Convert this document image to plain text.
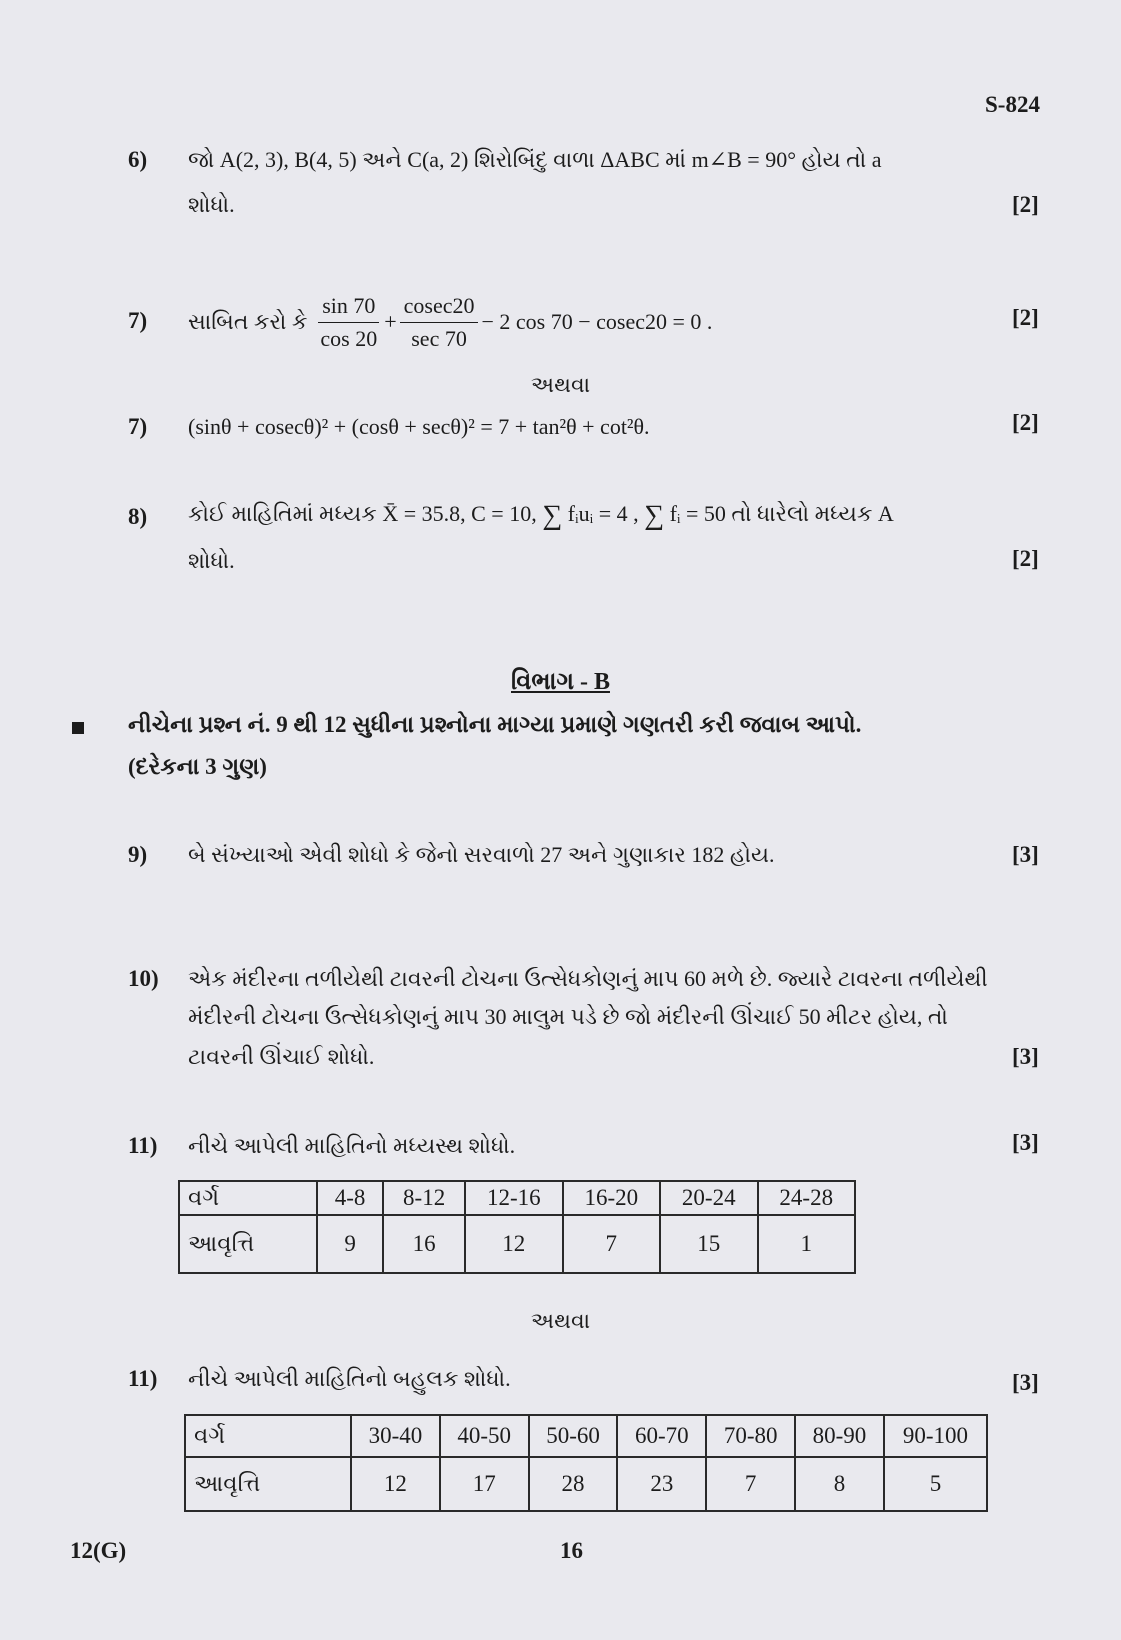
S-824
6) જો A(2, 3), B(4, 5) અને C(a, 2) શિરોબિંદુ વાળા ΔABC માં m∠B = 90° હોય તો a
શોધો.	[2]
7) સાબિત કરો કે $\frac{\sin 70}{\cos 20} + \frac{cosec20}{\sec 70} - 2$ cos 70 − cosec20 = 0 .	[2]
અથવા
7) (sinθ + cosecθ)² + (cosθ + secθ)² = 7 + tan²θ + cot²θ.	[2]
8) કોઈ માહિતિમાં મધ્યક X̄ = 35.8, C = 10, ∑ fᵢuᵢ = 4 , ∑ fᵢ = 50 તો ધારેલો મધ્યક A
શોધો.	[2]
વિભાગ - B
નીચેના પ્રશ્ન નં. 9 થી 12 સુધીના પ્રશ્નોના માગ્યા પ્રમાણે ગણતરી કરી જવાબ આપો.
(દરેકના 3 ગુણ)
9) બે સંખ્યાઓ એવી શોધો કે જેનો સરવાળો 27 અને ગુણાકાર 182 હોય.	[3]
10) એક મંદીરના તળીયેથી ટાવરની ટોચના ઉત્સેધકોણનું માપ 60 મળે છે. જ્યારે ટાવરના તળીયેથી
મંદીરની ટોચના ઉત્સેધકોણનું માપ 30 માલુમ પડે છે જો મંદીરની ઊંચાઈ 50 મીટર હોય, તો
ટાવરની ઊંચાઈ શોધો.	[3]
11) નીચે આપેલી માહિતિનો મધ્યસ્થ શોધો.	[3]
વર્ગ	4-8	8-12	12-16	16-20	20-24	24-28
આવૃત્તિ	9	16	12	7	15	1
અથવા
11) નીચે આપેલી માહિતિનો બહુલક શોધો.	[3]
વર્ગ	30-40	40-50	50-60	60-70	70-80	80-90	90-100
આવૃત્તિ	12	17	28	23	7	8	5
12(G)	16
